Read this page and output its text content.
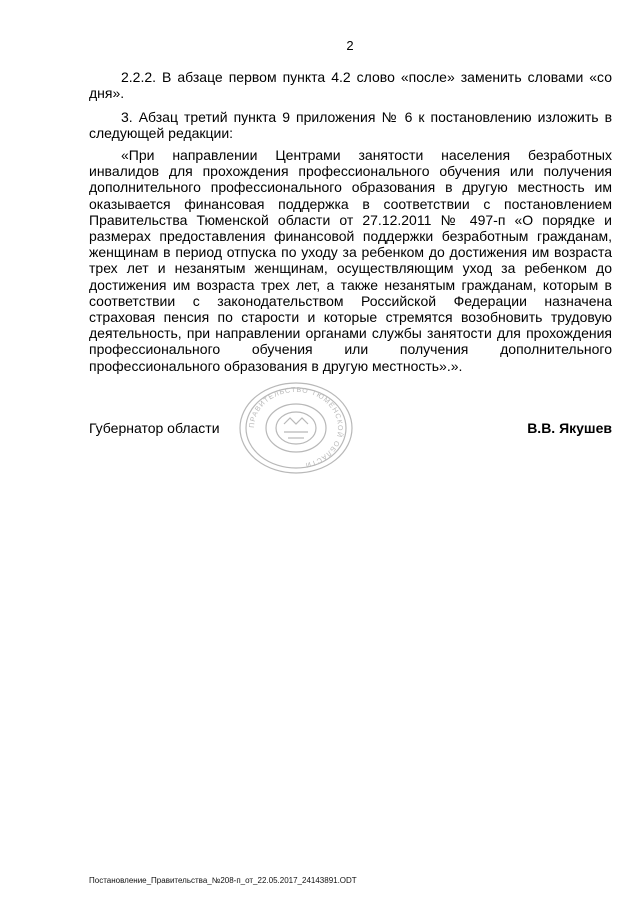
2

2.2.2. В абзаце первом пункта 4.2 слово «после» заменить словами «со дня».

3. Абзац третий пункта 9 приложения № 6 к постановлению изложить в следующей редакции:

«При направлении Центрами занятости населения безработных инвалидов для прохождения профессионального обучения или получения дополнительного профессионального образования в другую местность им оказывается финансовая поддержка в соответствии с постановлением Правительства Тюменской области от 27.12.2011 № 497-п «О порядке и размерах предоставления финансовой поддержки безработным гражданам, женщинам в период отпуска по уходу за ребенком до достижения им возраста трех лет и незанятым женщинам, осуществляющим уход за ребенком до достижения им возраста трех лет, а также незанятым гражданам, которым в соответствии с законодательством Российской Федерации назначена страховая пенсия по старости и которые стремятся возобновить трудовую деятельность, при направлении органами службы занятости для прохождения профессионального обучения или получения дополнительного профессионального образования в другую местность».».

ПРАВИТЕЛЬСТВО ТЮМЕНСКОЙ ОБЛАСТИ
Губернатор области	В.В. Якушев
Постановление_Правительства_№208-п_от_22.05.2017_24143891.ODT
